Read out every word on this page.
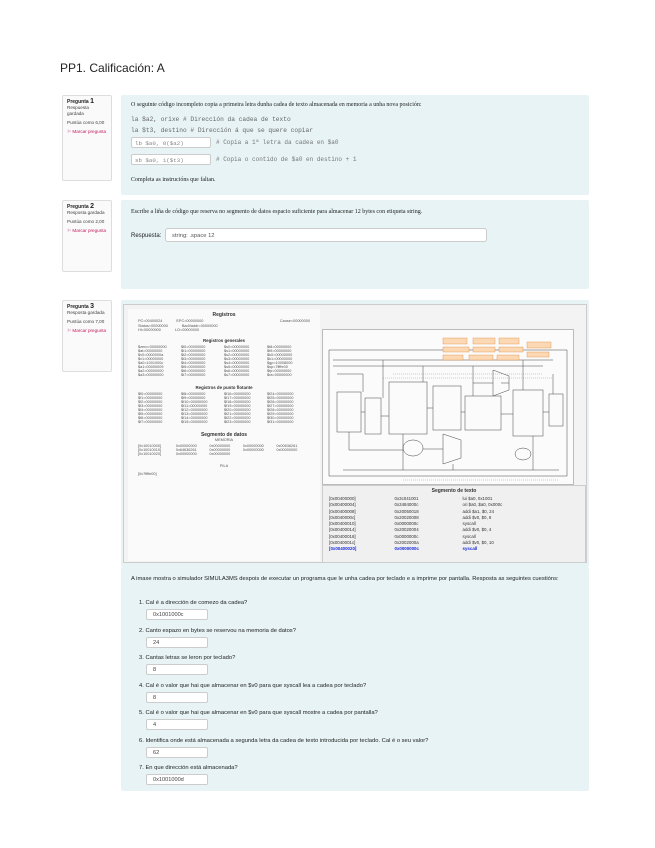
PP1. Calificación: A
Pregunta 1
Respuesta gardada
Puntúa como 6,00
⚐ Marcar pregunta
O seguinte código incompleto copia a primeira letra dunha cadea de texto almacenada en memoria a unha nova posición:
la $a2, orixe # Dirección da cadea de texto
la $t3, destino # Dirección á que se quere copiar
lb $a0, 0($a2)	# Copia a 1ª letra da cadea en $a0
sb $a0, 1($t3)	# Copia o contido de $a0 en destino + 1
Completa as instrucións que faltan.
Pregunta 2
Resposta gardada
Puntúa como 2,00
⚐ Marcar pregunta
Escribe a liña de código que reserva no segmento de datos espacio suficiente para almacenar 12 bytes con etiqueta string.
Respuesta:	string: .space 12
Pregunta 3
Resposta gardada
Puntúa como 7,00
⚐ Marcar pregunta
Registros
PC=00400024	EPC=00000000	Cause=00000000
Status=00000000	BadVaddr=00000000
HI=00000000	LO=00000000
Registros generales
$zero=00000000	$t0=00000000	$s0=00000000	$t8=00000000
$at=00000000	$t1=00000000	$s1=00000000	$t9=00000000
$v0=0000000a	$t2=00000000	$s2=00000000	$k0=00000000
$v1=00000000	$t3=00000000	$s3=00000000	$k1=00000000
$a0=1001000c	$t4=00000000	$s4=00000000	$gp=10008000
$a1=00000009	$t5=00000000	$s5=00000000	$sp=7ffffe00
$a2=00000000	$t6=00000000	$s6=00000000	$fp=00000000
$a3=00000000	$t7=00000000	$s7=00000000	$ra=00000000
Registros de punto flotante
$f0=00000000	$f8=00000000	$f16=00000000	$f24=00000000
$f1=00000000	$f9=00000000	$f17=00000000	$f25=00000000
$f2=00000000	$f10=00000000	$f18=00000000	$f26=00000000
$f3=00000000	$f11=00000000	$f19=00000000	$f27=00000000
$f4=00000000	$f12=00000000	$f20=00000000	$f28=00000000
$f5=00000000	$f13=00000000	$f21=00000000	$f29=00000000
$f6=00000000	$f14=00000000	$f22=00000000	$f30=00000000
$f7=00000000	$f15=00000000	$f23=00000000	$f31=00000000
Segmento de datos
MEMORIA
[0x10010000]	0x00000000	0x00000000	0x00000000	0x00636261
[0x10010010]	0x64636261	0x00000000	0x00000000	0x00000000
[0x10010020]	0x00000000	0x00000000
PILA
[0x7ffffe00]
Segmento de texto
[0x00400000]	0x3c041001	lui $a0, 0x1001
[0x00400004]	0x3484000c	ori $a0, $a0, 0x000c
[0x00400008]	0x20050018	addi $a1, $0, 24
[0x0040000c]	0x20020008	addi $v0, $0, 8
[0x00400010]	0x0000000c	syscall
[0x00400014]	0x20020004	addi $v0, $0, 4
[0x00400018]	0x0000000c	syscall
[0x0040001c]	0x2002000a	addi $v0, $0, 10
[0x00400020]	0x0000000c	syscall
A imaxe mostra o simulador SIMULA3MS despois de executar un programa que le unha cadea por teclado e a imprime por pantalla. Resposta as seguintes cuestións:
1. Cal é a dirección de comezo da cadea?
0x1001000c
2. Canto espazo en bytes se reservou na memoria de datos?
24
3. Cantas letras se leron por teclado?
8
4. Cal é o valor que hai que almacenar en $v0 para que syscall lea a cadea por teclado?
8
5. Cal é o valor que hai que almacenar en $v0 para que syscall mostre a cadea por pantalla?
4
6. Identifica onde está almacenada a segunda letra da cadea de texto introducida por teclado. Cal é o seu valor?
62
7. En que dirección está almacenada?
0x1001000d
